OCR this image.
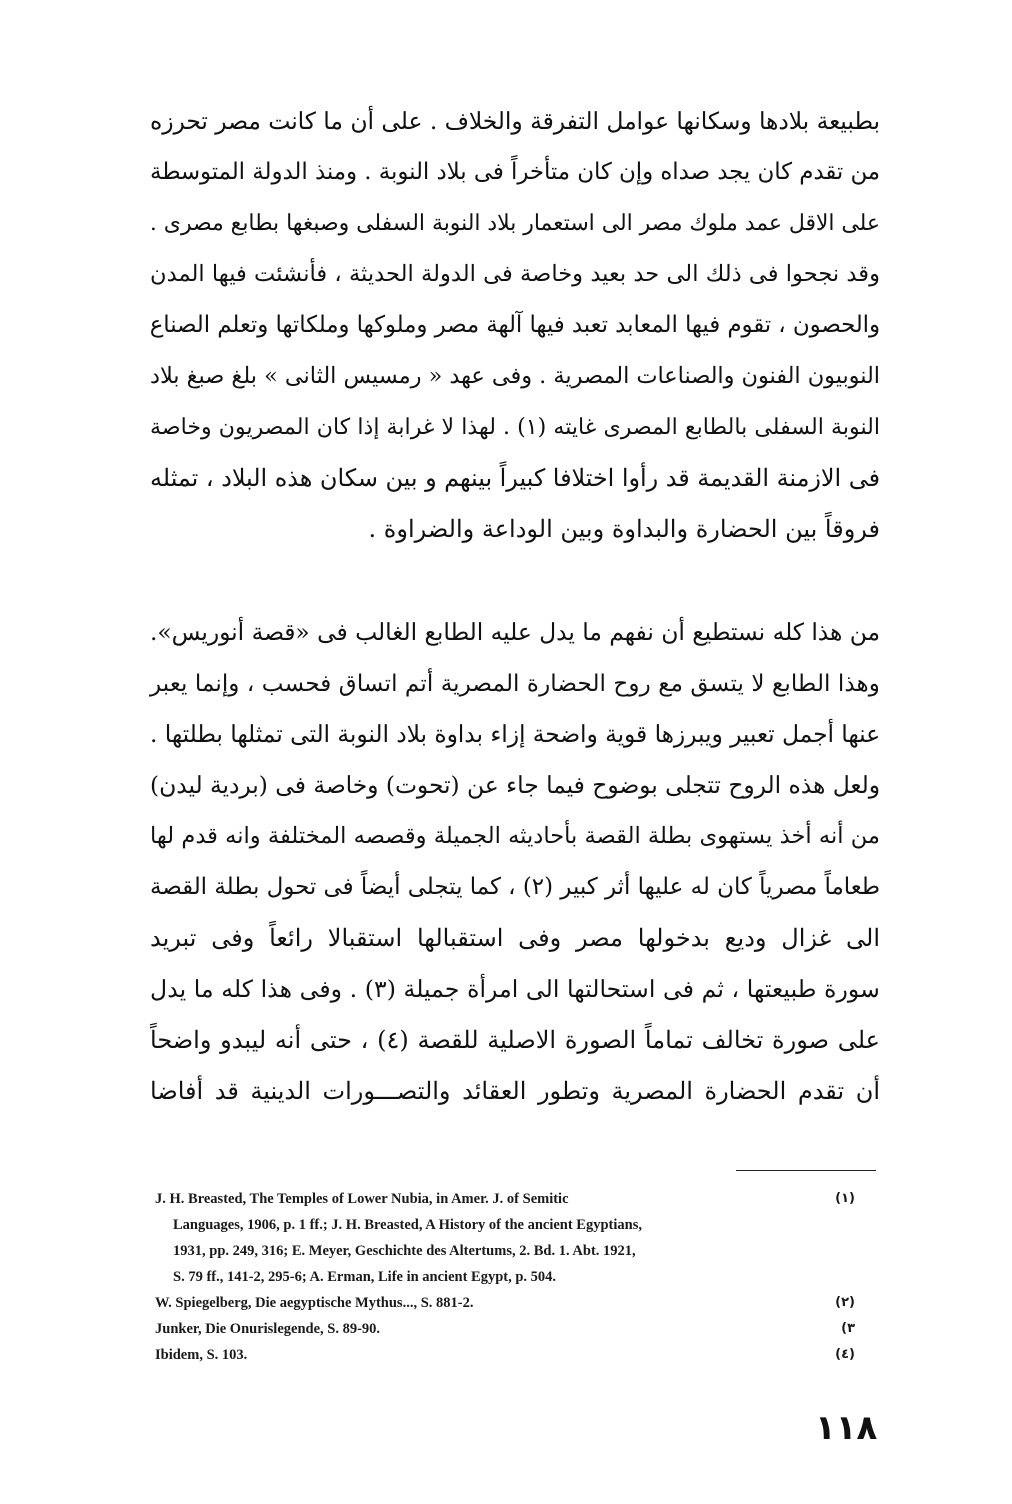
بطبيعة بلادها وسكانها عوامل التفرقة والخلاف . على أن ما كانت مصر تحرزه
من تقدم كان يجد صداه وإن كان متأخراً فى بلاد النوبة . ومنذ الدولة المتوسطة
على الاقل عمد ملوك مصر الى استعمار بلاد النوبة السفلى وصبغها بطابع مصرى .
وقد نجحوا فى ذلك الى حد بعيد وخاصة فى الدولة الحديثة ، فأنشئت فيها المدن
والحصون ، تقوم فيها المعابد تعبد فيها آلهة مصر وملوكها وملكاتها وتعلم الصناع
النوبيون الفنون والصناعات المصرية . وفى عهد « رمسيس الثانى » بلغ صبغ بلاد
النوبة السفلى بالطابع المصرى غايته (١) . لهذا لا غرابة إذا كان المصريون وخاصة
فى الازمنة القديمة قد رأوا اختلافا كبيراً بينهم و بين سكان هذه البلاد ، تمثله
فروقاً بين الحضارة والبداوة وبين الوداعة والضراوة .
من هذا كله نستطيع أن نفهم ما يدل عليه الطابع الغالب فى «قصة أنوريس».
وهذا الطابع لا يتسق مع روح الحضارة المصرية أتم اتساق فحسب ، وإنما يعبر
عنها أجمل تعبير ويبرزها قوية واضحة إزاء بداوة بلاد النوبة التى تمثلها بطلتها .
ولعل هذه الروح تتجلى بوضوح فيما جاء عن (تحوت) وخاصة فى (بردية ليدن)
من أنه أخذ يستهوى بطلة القصة بأحاديثه الجميلة وقصصه المختلفة وانه قدم لها
طعاماً مصرياً كان له عليها أثر كبير (٢) ، كما يتجلى أيضاً فى تحول بطلة القصة
الى غزال وديع بدخولها مصر وفى استقبالها استقبالا رائعاً وفى تبريد
سورة طبيعتها ، ثم فى استحالتها الى امرأة جميلة (٣) . وفى هذا كله ما يدل
على صورة تخالف تماماً الصورة الاصلية للقصة (٤) ، حتى أنه ليبدو واضحاً
أن تقدم الحضارة المصرية وتطور العقائد والتصـــورات الدينية قد أفاضا
(١)
J. H. Breasted, The Temples of Lower Nubia, in Amer. J. of Semitic
Languages, 1906, p. 1 ff.; J. H. Breasted, A History of the ancient Egyptians,
1931, pp. 249, 316; E. Meyer, Geschichte des Altertums, 2. Bd. 1. Abt. 1921,
S. 79 ff., 141-2, 295-6; A. Erman, Life in ancient Egypt, p. 504.
(٢)
W. Spiegelberg, Die aegyptische Mythus..., S. 881-2.
(٣
Junker, Die Onurislegende, S. 89-90.
(٤)
Ibidem, S. 103.
١١٨
